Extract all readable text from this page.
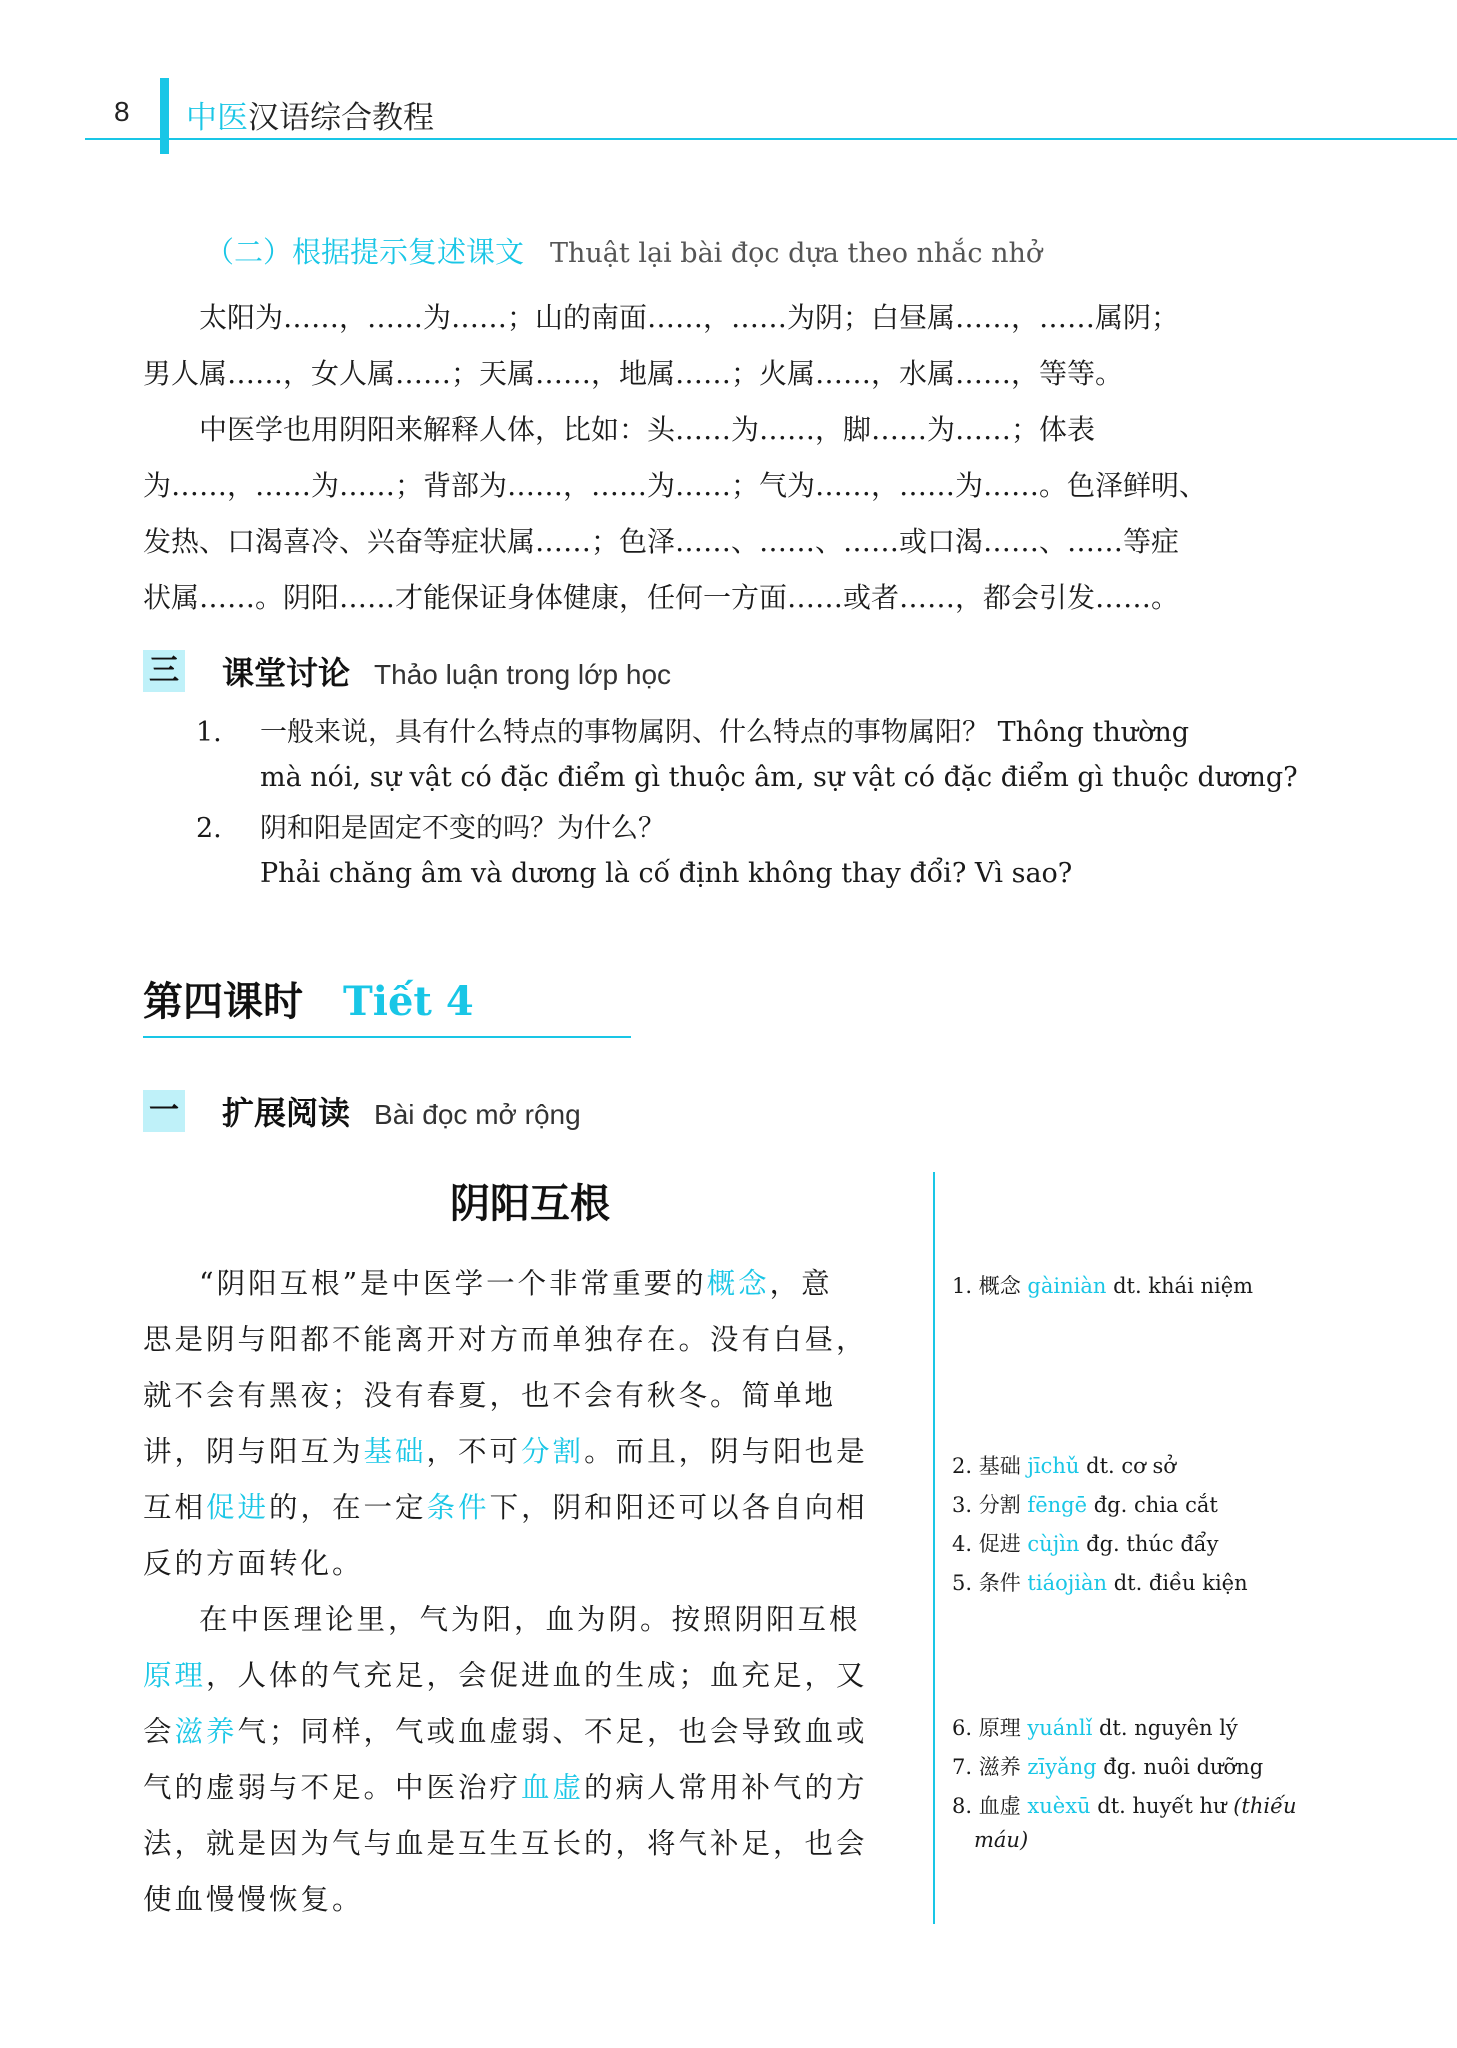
8 中医汉语综合教程
（二）根据提示复述课文 Thuật lại bài đọc dựa theo nhắc nhở
太阳为……，……为……；山的南面……，……为阴；白昼属……，……属阴；
男人属……，女人属……；天属……，地属……；火属……，水属……，等等。
中医学也用阴阳来解释人体，比如：头……为……，脚……为……；体表
为……，……为……；背部为……，……为……；气为……，……为……。色泽鲜明、
发热、口渴喜冷、兴奋等症状属……；色泽……、……、……或口渴……、……等症
状属……。阴阳……才能保证身体健康，任何一方面……或者……，都会引发……。
三 课堂讨论 Thảo luận trong lớp học
1. 一般来说，具有什么特点的事物属阴、什么特点的事物属阳？ Thông thường
mà nói, sự vật có đặc điểm gì thuộc âm, sự vật có đặc điểm gì thuộc dương?
2. 阴和阳是固定不变的吗？为什么？
Phải chăng âm và dương là cố định không thay đổi? Vì sao?
第四课时 Tiết 4
一 扩展阅读 Bài đọc mở rộng
阴阳互根
“阴阳互根”是中医学一个非常重要的概念，意
思是阴与阳都不能离开对方而单独存在。没有白昼，
就不会有黑夜；没有春夏，也不会有秋冬。简单地
讲，阴与阳互为基础，不可分割。而且，阴与阳也是
互相促进的，在一定条件下，阴和阳还可以各自向相
反的方面转化。
在中医理论里，气为阳，血为阴。按照阴阳互根
原理，人体的气充足，会促进血的生成；血充足，又
会滋养气；同样，气或血虚弱、不足，也会导致血或
气的虚弱与不足。中医治疗血虚的病人常用补气的方
法，就是因为气与血是互生互长的，将气补足，也会
使血慢慢恢复。
1. 概念 gàiniàn dt. khái niệm
2. 基础 jīchǔ dt. cơ sở
3. 分割 fēngē đg. chia cắt
4. 促进 cùjìn đg. thúc đẩy
5. 条件 tiáojiàn dt. điều kiện
6. 原理 yuánlǐ dt. nguyên lý
7. 滋养 zīyǎng đg. nuôi dưỡng
8. 血虚 xuèxū dt. huyết hư (thiếu
máu)
